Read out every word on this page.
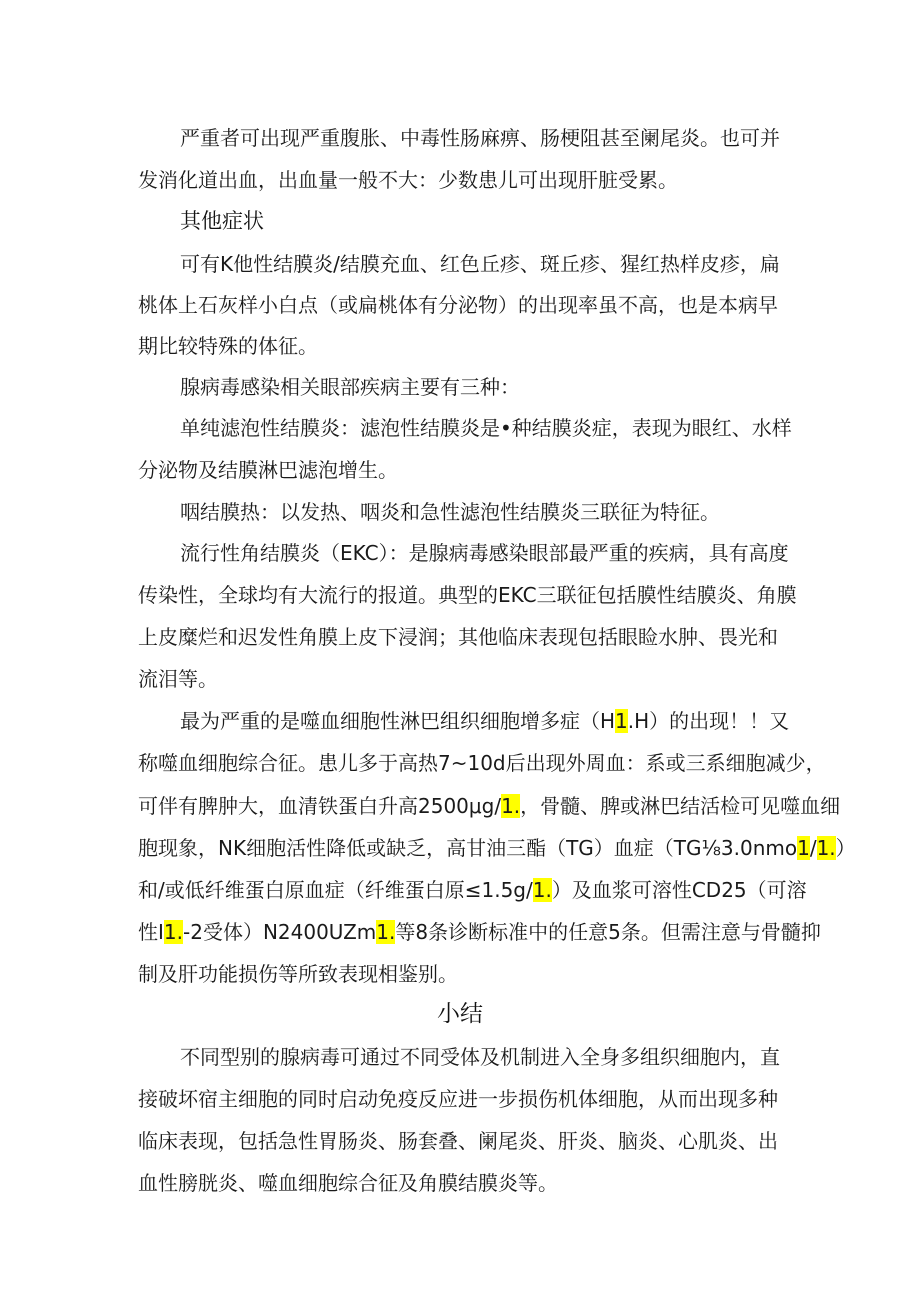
严重者可出现严重腹胀、中毒性肠麻痹、肠梗阻甚至阑尾炎。也可并
发消化道出血，出血量一般不大：少数患儿可出现肝脏受累。
其他症状
可有K他性结膜炎/结膜充血、红色丘疹、斑丘疹、猩红热样皮疹，扁
桃体上石灰样小白点（或扁桃体有分泌物）的出现率虽不高，也是本病早
期比较特殊的体征。
腺病毒感染相关眼部疾病主要有三种：
单纯滤泡性结膜炎：滤泡性结膜炎是•种结膜炎症，表现为眼红、水样
分泌物及结膜淋巴滤泡增生。
咽结膜热：以发热、咽炎和急性滤泡性结膜炎三联征为特征。
流行性角结膜炎（EKC）：是腺病毒感染眼部最严重的疾病，具有高度
传染性，全球均有大流行的报道。典型的EKC三联征包括膜性结膜炎、角膜
上皮糜烂和迟发性角膜上皮下浸润；其他临床表现包括眼睑水肿、畏光和
流泪等。
最为严重的是噬血细胞性淋巴组织细胞增多症（H1.H）的出现！！又
称噬血细胞综合征。患儿多于高热7~10d后出现外周血：系或三系细胞减少，
可伴有脾肿大，血清铁蛋白升高2500μg/1.，骨髓、脾或淋巴结活检可见噬血细
胞现象，NK细胞活性降低或缺乏，高甘油三酯（TG）血症（TG⅛3.0nmo1/1.）
和/或低纤维蛋白原血症（纤维蛋白原≤1.5g/1.）及血浆可溶性CD25（可溶
性I1.-2受体）N2400UZm1.等8条诊断标准中的任意5条。但需注意与骨髓抑
制及肝功能损伤等所致表现相鉴别。
小结
不同型别的腺病毒可通过不同受体及机制进入全身多组织细胞内，直
接破坏宿主细胞的同时启动免疫反应进一步损伤机体细胞，从而出现多种
临床表现，包括急性胃肠炎、肠套叠、阑尾炎、肝炎、脑炎、心肌炎、出
血性膀胱炎、噬血细胞综合征及角膜结膜炎等。
